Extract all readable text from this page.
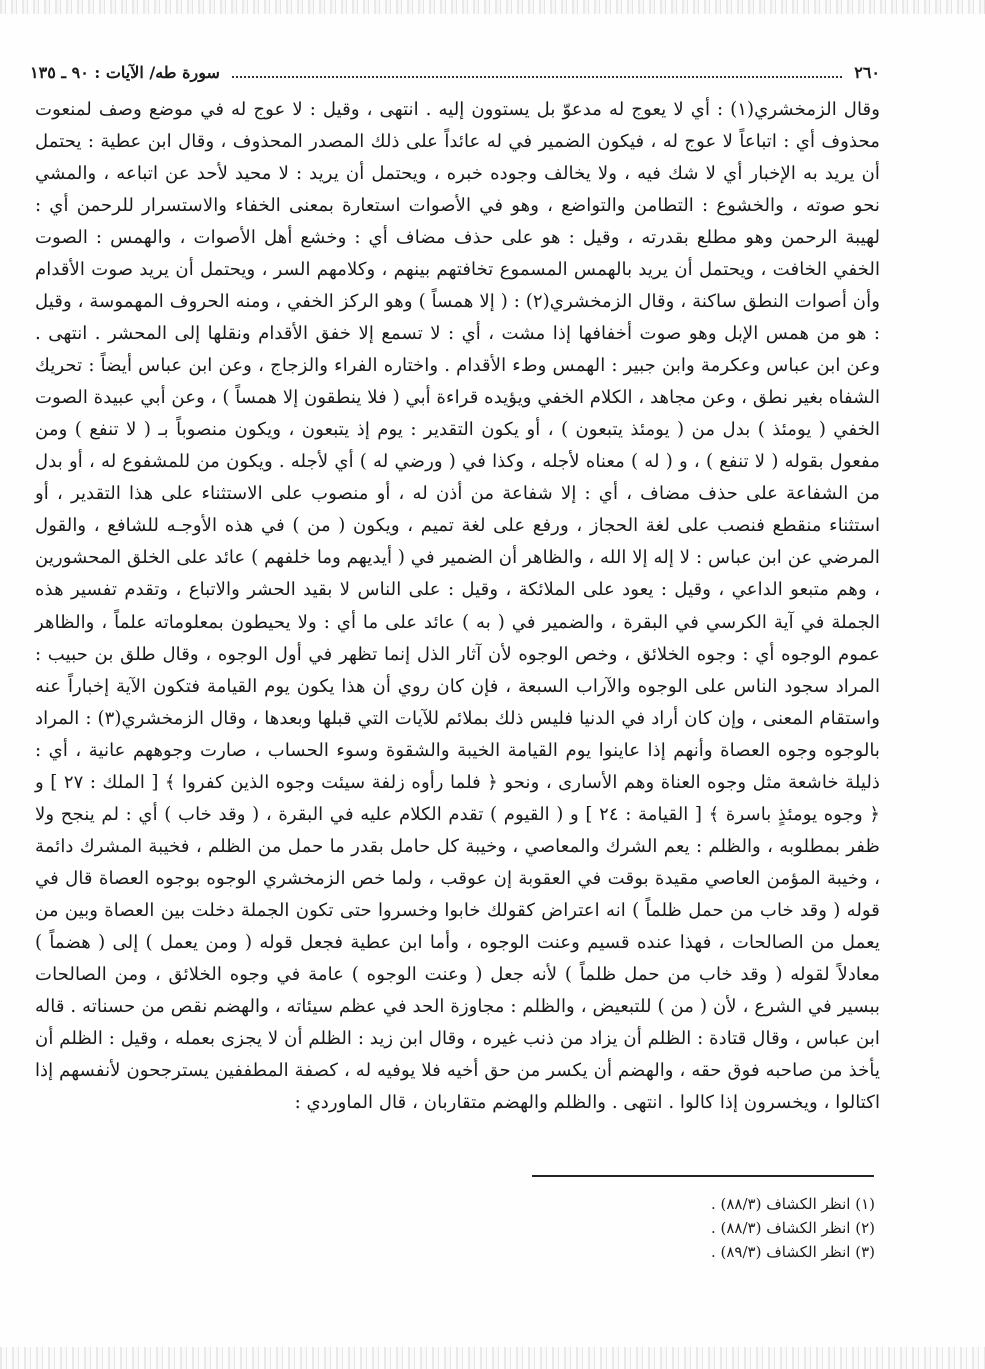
٢٦٠
سورة طه/ الآيات : ٩٠ ـ ١٣٥

وقال الزمخشري(١) : أي لا يعوج له مدعوّ بل يستوون إليه . انتهى ، وقيل : لا عوج له في موضع وصف لمنعوت محذوف أي : اتباعاً لا عوج له ، فيكون الضمير في له عائداً على ذلك المصدر المحذوف ، وقال ابن عطية : يحتمل أن يريد به الإخبار أي لا شك فيه ، ولا يخالف وجوده خبره ، ويحتمل أن يريد : لا محيد لأحد عن اتباعه ، والمشي نحو صوته ، والخشوع : التطامن والتواضع ، وهو في الأصوات استعارة بمعنى الخفاء والاستسرار للرحمن أي : لهيبة الرحمن وهو مطلع بقدرته ، وقيل : هو على حذف مضاف أي : وخشع أهل الأصوات ، والهمس : الصوت الخفي الخافت ، ويحتمل أن يريد بالهمس المسموع تخافتهم بينهم ، وكلامهم السر ، ويحتمل أن يريد صوت الأقدام وأن أصوات النطق ساكنة ، وقال الزمخشري(٢) : ( إلا همساً ) وهو الركز الخفي ، ومنه الحروف المهموسة ، وقيل : هو من همس الإبل وهو صوت أخفافها إذا مشت ، أي : لا تسمع إلا خفق الأقدام ونقلها إلى المحشر . انتهى . وعن ابن عباس وعكرمة وابن جبير : الهمس وطء الأقدام . واختاره الفراء والزجاج ، وعن ابن عباس أيضاً : تحريك الشفاه بغير نطق ، وعن مجاهد ، الكلام الخفي ويؤيده قراءة أبي ( فلا ينطقون إلا همساً ) ، وعن أبي عبيدة الصوت الخفي ( يومئذ ) بدل من ( يومئذ يتبعون ) ، أو يكون التقدير : يوم إذ يتبعون ، ويكون منصوباً بـ ( لا تنفع ) ومن مفعول بقوله ( لا تنفع ) ، و ( له ) معناه لأجله ، وكذا في ( ورضي له ) أي لأجله . ويكون من للمشفوع له ، أو بدل من الشفاعة على حذف مضاف ، أي : إلا شفاعة من أذن له ، أو منصوب على الاستثناء على هذا التقدير ، أو استثناء منقطع فنصب على لغة الحجاز ، ورفع على لغة تميم ، ويكون ( من ) في هذه الأوجـه للشافع ، والقول المرضي عن ابن عباس : لا إله إلا الله ، والظاهر أن الضمير في ( أيديهم وما خلفهم ) عائد على الخلق المحشورين ، وهم متبعو الداعي ، وقيل : يعود على الملائكة ، وقيل : على الناس لا بقيد الحشر والاتباع ، وتقدم تفسير هذه الجملة في آية الكرسي في البقرة ، والضمير في ( به ) عائد على ما أي : ولا يحيطون بمعلوماته علماً ، والظاهر عموم الوجوه أي : وجوه الخلائق ، وخص الوجوه لأن آثار الذل إنما تظهر في أول الوجوه ، وقال طلق بن حبيب : المراد سجود الناس على الوجوه والآراب السبعة ، فإن كان روي أن هذا يكون يوم القيامة فتكون الآية إخباراً عنه واستقام المعنى ، وإن كان أراد في الدنيا فليس ذلك بملائم للآيات التي قبلها وبعدها ، وقال الزمخشري(٣) : المراد بالوجوه وجوه العصاة وأنهم إذا عاينوا يوم القيامة الخيبة والشقوة وسوء الحساب ، صارت وجوههم عانية ، أي : ذليلة خاشعة مثل وجوه العناة وهم الأسارى ، ونحو ﴿ فلما رأوه زلفة سيئت وجوه الذين كفروا ﴾ [ الملك : ٢٧ ] و ﴿ وجوه يومئذٍ باسرة ﴾ [ القيامة : ٢٤ ] و ( القيوم ) تقدم الكلام عليه في البقرة ، ( وقد خاب ) أي : لم ينجح ولا ظفر بمطلوبه ، والظلم : يعم الشرك والمعاصي ، وخيبة كل حامل بقدر ما حمل من الظلم ، فخيبة المشرك دائمة ، وخيبة المؤمن العاصي مقيدة بوقت في العقوبة إن عوقب ، ولما خص الزمخشري الوجوه بوجوه العصاة قال في قوله ( وقد خاب من حمل ظلماً ) انه اعتراض كقولك خابوا وخسروا حتى تكون الجملة دخلت بين العصاة وبين من يعمل من الصالحات ، فهذا عنده قسيم وعنت الوجوه ، وأما ابن عطية فجعل قوله ( ومن يعمل ) إلى ( هضماً ) معادلاً لقوله ( وقد خاب من حمل ظلماً ) لأنه جعل ( وعنت الوجوه ) عامة في وجوه الخلائق ، ومن الصالحات ببسير في الشرع ، لأن ( من ) للتبعيض ، والظلم : مجاوزة الحد في عظم سيئاته ، والهضم نقص من حسناته . قاله ابن عباس ، وقال قتادة : الظلم أن يزاد من ذنب غيره ، وقال ابن زيد : الظلم أن لا يجزى بعمله ، وقيل : الظلم أن يأخذ من صاحبه فوق حقه ، والهضم أن يكسر من حق أخيه فلا يوفيه له ، كصفة المطففين يسترجحون لأنفسهم إذا اكتالوا ، ويخسرون إذا كالوا . انتهى . والظلم والهضم متقاربان ، قال الماوردي :

(١) انظر الكشاف (٨٨/٣) .
(٢) انظر الكشاف (٨٨/٣) .
(٣) انظر الكشاف (٨٩/٣) .
